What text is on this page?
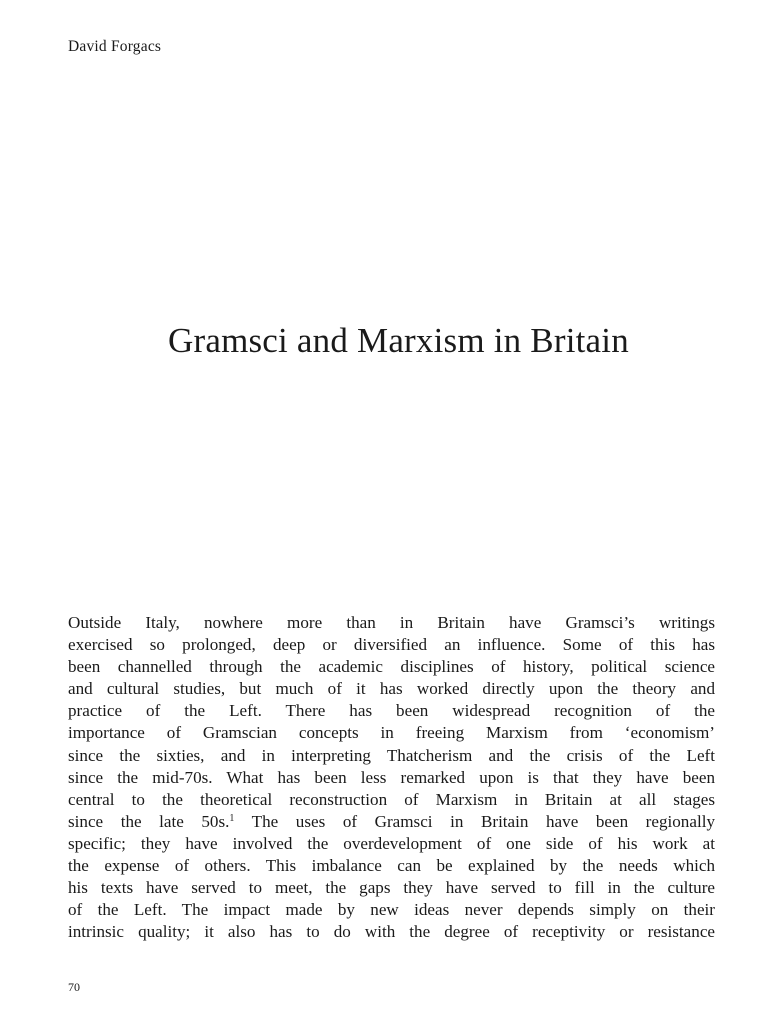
David Forgacs
Gramsci and Marxism in Britain
Outside Italy, nowhere more than in Britain have Gramsci’s writings
exercised so prolonged, deep or diversified an influence. Some of this has
been channelled through the academic disciplines of history, political science
and cultural studies, but much of it has worked directly upon the theory and
practice of the Left. There has been widespread recognition of the
importance of Gramscian concepts in freeing Marxism from ‘economism’
since the sixties, and in interpreting Thatcherism and the crisis of the Left
since the mid-70s. What has been less remarked upon is that they have been
central to the theoretical reconstruction of Marxism in Britain at all stages
since the late 50s.$^1$ The uses of Gramsci in Britain have been regionally
specific; they have involved the overdevelopment of one side of his work at
the expense of others. This imbalance can be explained by the needs which
his texts have served to meet, the gaps they have served to fill in the culture
of the Left. The impact made by new ideas never depends simply on their
intrinsic quality; it also has to do with the degree of receptivity or resistance
70
